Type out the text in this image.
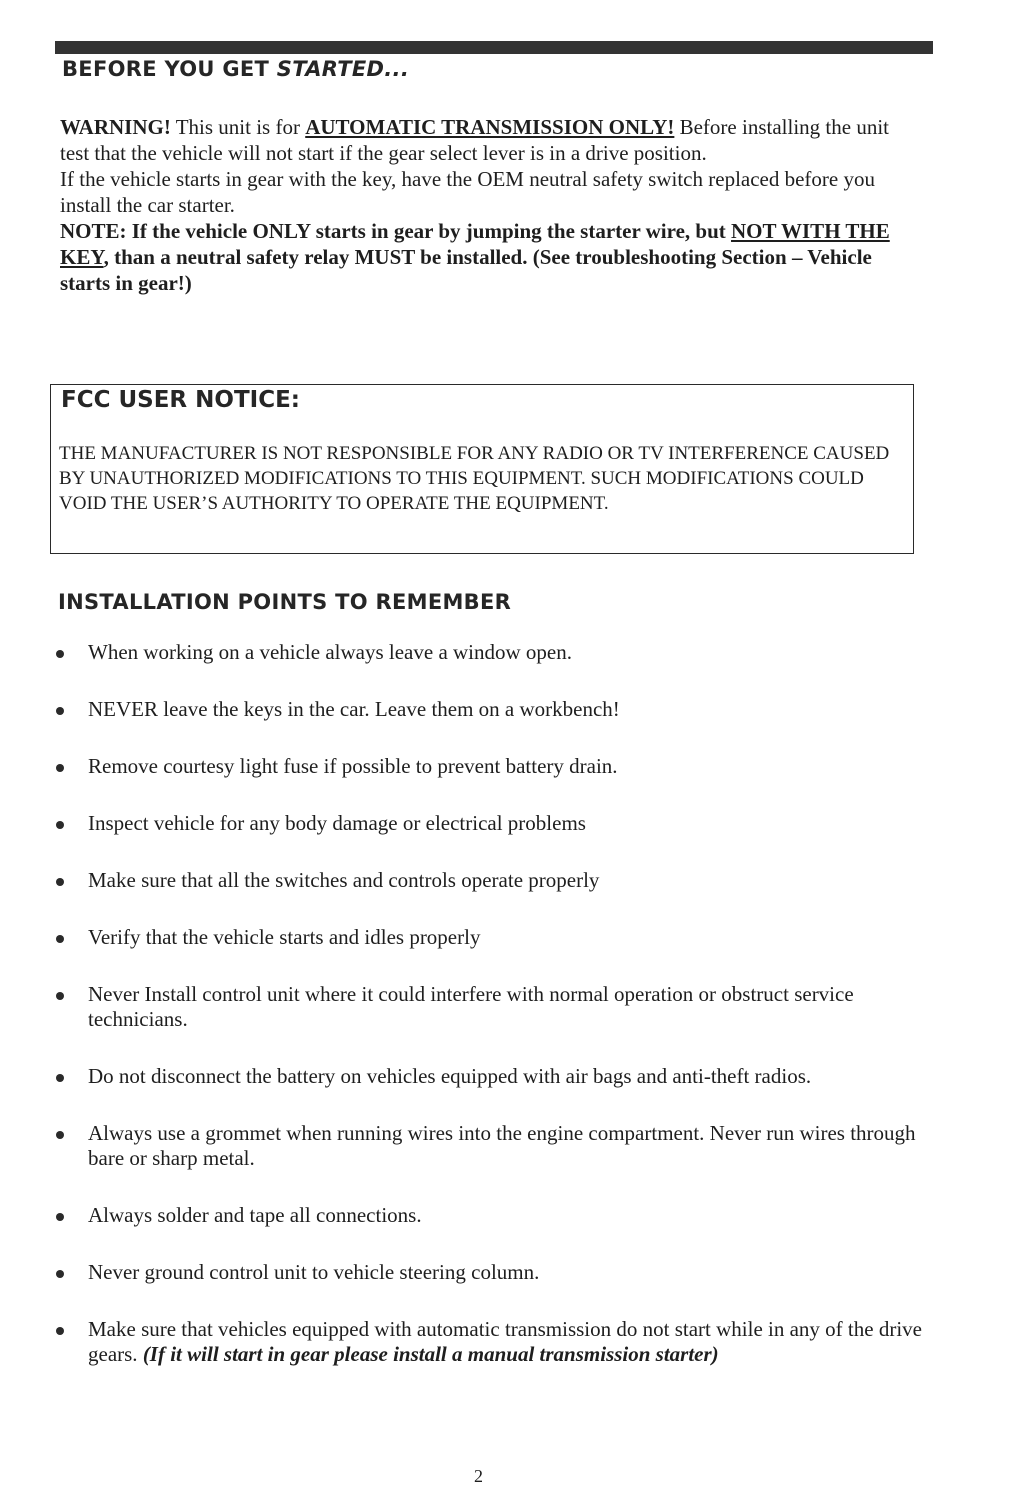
BEFORE YOU GET STARTED...

WARNING! This unit is for AUTOMATIC TRANSMISSION ONLY! Before installing the unit test that the vehicle will not start if the gear select lever is in a drive position.

If the vehicle starts in gear with the key, have the OEM neutral safety switch replaced before you install the car starter.

NOTE: If the vehicle ONLY starts in gear by jumping the starter wire, but NOT WITH THE KEY, than a neutral safety relay MUST be installed. (See troubleshooting Section – Vehicle starts in gear!)

FCC USER NOTICE:

THE MANUFACTURER IS NOT RESPONSIBLE FOR ANY RADIO OR TV INTERFERENCE CAUSED BY UNAUTHORIZED MODIFICATIONS TO THIS EQUIPMENT. SUCH MODIFICATIONS COULD VOID THE USER’S AUTHORITY TO OPERATE THE EQUIPMENT.

INSTALLATION POINTS TO REMEMBER
When working on a vehicle always leave a window open.
NEVER leave the keys in the car. Leave them on a workbench!
Remove courtesy light fuse if possible to prevent battery drain.
Inspect vehicle for any body damage or electrical problems
Make sure that all the switches and controls operate properly
Verify that the vehicle starts and idles properly
Never Install control unit where it could interfere with normal operation or obstruct service technicians.
Do not disconnect the battery on vehicles equipped with air bags and anti-theft radios.
Always use a grommet when running wires into the engine compartment. Never run wires through bare or sharp metal.
Always solder and tape all connections.
Never ground control unit to vehicle steering column.
Make sure that vehicles equipped with automatic transmission do not start while in any of the drive gears. (If it will start in gear please install a manual transmission starter)
2
